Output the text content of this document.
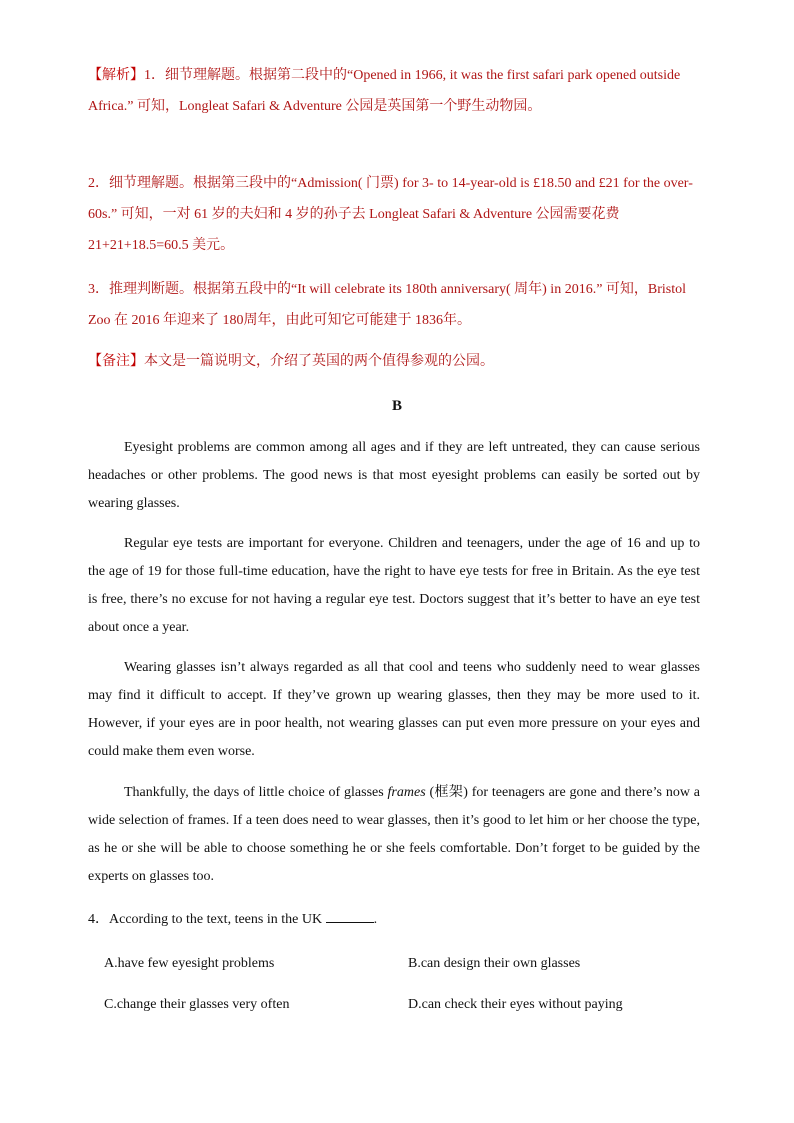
【解析】1．细节理解题。根据第二段中的“Opened in 1966, it was the first safari park opened outside Africa.” 可知，Longleat Safari & Adventure 公园是英国第一个野生动物园。
2．细节理解题。根据第三段中的“Admission( 门票) for 3- to 14-year-old is £18.50 and £21 for the over-60s.” 可知，一对 61 岁的夫妇和 4 岁的孙子去 Longleat Safari & Adventure 公园需要花费 21+21+18.5=60.5 美元。
3．推理判断题。根据第五段中的“It will celebrate its 180th anniversary( 周年) in 2016.” 可知，Bristol Zoo 在 2016 年迎来了 180周年，由此可知它可能建于 1836年。
【备注】本文是一篇说明文，介绍了英国的两个值得参观的公园。
B
Eyesight problems are common among all ages and if they are left untreated, they can cause serious headaches or other problems. The good news is that most eyesight problems can easily be sorted out by wearing glasses.
Regular eye tests are important for everyone. Children and teenagers, under the age of 16 and up to the age of 19 for those full-time education, have the right to have eye tests for free in Britain. As the eye test is free, there’s no excuse for not having a regular eye test. Doctors suggest that it’s better to have an eye test about once a year.
Wearing glasses isn’t always regarded as all that cool and teens who suddenly need to wear glasses may find it difficult to accept. If they’ve grown up wearing glasses, then they may be more used to it. However, if your eyes are in poor health, not wearing glasses can put even more pressure on your eyes and could make them even worse.
Thankfully, the days of little choice of glasses frames (框架) for teenagers are gone and there’s now a wide selection of frames. If a teen does need to wear glasses, then it’s good to let him or her choose the type, as he or she will be able to choose something he or she feels comfortable. Don’t forget to be guided by the experts on glasses too.
4．According to the text, teens in the UK	.
A.have few eyesight problems	B.can design their own glasses
C.change their glasses very often	D.can check their eyes without paying
